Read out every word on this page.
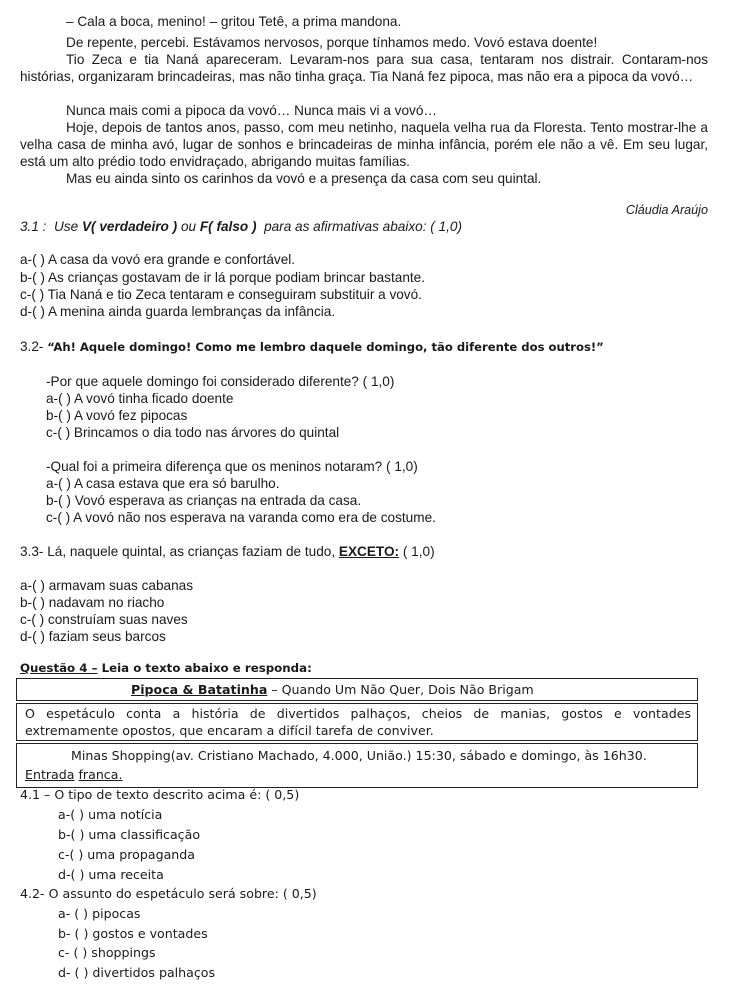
– Cala a boca, menino! – gritou Tetê, a prima mandona.
De repente, percebi. Estávamos nervosos, porque tínhamos medo. Vovó estava doente!
Tio Zeca e tia Naná apareceram. Levaram-nos para sua casa, tentaram nos distrair. Contaram-nos histórias, organizaram brincadeiras, mas não tinha graça. Tia Naná fez pipoca, mas não era a pipoca da vovó…
Nunca mais comi a pipoca da vovó… Nunca mais vi a vovó…
Hoje, depois de tantos anos, passo, com meu netinho, naquela velha rua da Floresta. Tento mostrar-lhe a velha casa de minha avó, lugar de sonhos e brincadeiras de minha infância, porém ele não a vê. Em seu lugar, está um alto prédio todo envidraçado, abrigando muitas famílias.
Mas eu ainda sinto os carinhos da vovó e a presença da casa com seu quintal.
Cláudia Araújo
3.1 : Use V( verdadeiro ) ou F( falso ) para as afirmativas abaixo: ( 1,0)
a-( ) A casa da vovó era grande e confortável.
b-( ) As crianças gostavam de ir lá porque podiam brincar bastante.
c-( ) Tia Naná e tio Zeca tentaram e conseguiram substituir a vovó.
d-( ) A menina ainda guarda lembranças da infância.
3.2- “Ah! Aquele domingo! Como me lembro daquele domingo, tão diferente dos outros!”
-Por que aquele domingo foi considerado diferente? ( 1,0)
a-( ) A vovó tinha ficado doente
b-( ) A vovó fez pipocas
c-( ) Brincamos o dia todo nas árvores do quintal
-Qual foi a primeira diferença que os meninos notaram? ( 1,0)
a-( ) A casa estava que era só barulho.
b-( ) Vovó esperava as crianças na entrada da casa.
c-( ) A vovó não nos esperava na varanda como era de costume.
3.3- Lá, naquele quintal, as crianças faziam de tudo, EXCETO: ( 1,0)
a-( ) armavam suas cabanas
b-( ) nadavam no riacho
c-( ) construíam suas naves
d-( ) faziam seus barcos
Questão 4 – Leia o texto abaixo e responda:
Pipoca & Batatinha – Quando Um Não Quer, Dois Não Brigam
O espetáculo conta a história de divertidos palhaços, cheios de manias, gostos e vontades extremamente opostos, que encaram a difícil tarefa de conviver.
Minas Shopping(av. Cristiano Machado, 4.000, União.) 15:30, sábado e domingo, às 16h30.
Entrada franca.
4.1 – O tipo de texto descrito acima é: ( 0,5)
a-( ) uma notícia
b-( ) uma classificação
c-( ) uma propaganda
d-( ) uma receita
4.2- O assunto do espetáculo será sobre: ( 0,5)
a- ( ) pipocas
b- ( ) gostos e vontades
c- ( ) shoppings
d- ( ) divertidos palhaços
